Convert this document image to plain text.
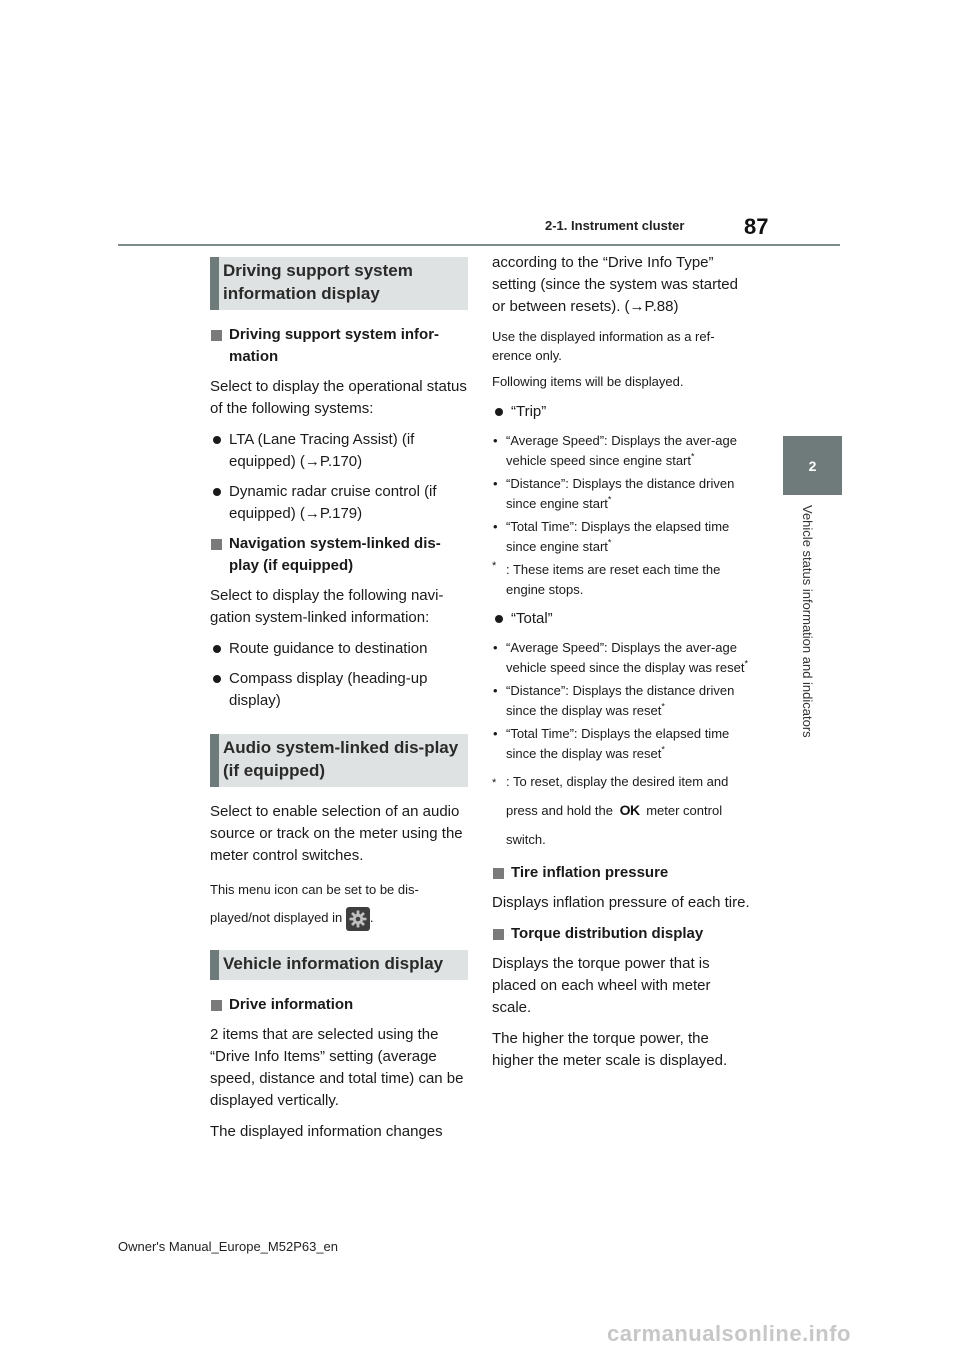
2-1. Instrument cluster	87
2
Vehicle status information and indicators
Driving support system information display
Driving support system infor-mation
Select to display the operational status of the following systems:
LTA (Lane Tracing Assist) (if equipped) (→P.170)
Dynamic radar cruise control (if equipped) (→P.179)
Navigation system-linked dis-play (if equipped)
Select to display the following navi-gation system-linked information:
Route guidance to destination
Compass display (heading-up display)
Audio system-linked dis-play (if equipped)
Select to enable selection of an audio source or track on the meter using the meter control switches.
This menu icon can be set to be dis-played/not displayed in .
Vehicle information display
Drive information
2 items that are selected using the “Drive Info Items” setting (average speed, distance and total time) can be displayed vertically.
The displayed information changes
according to the “Drive Info Type” setting (since the system was started or between resets). (→P.88)
Use the displayed information as a ref-erence only.
Following items will be displayed.
“Trip”
• “Average Speed”: Displays the aver-age vehicle speed since engine start*
• “Distance”: Displays the distance driven since engine start*
• “Total Time”: Displays the elapsed time since engine start*
* : These items are reset each time the engine stops.
“Total”
• “Average Speed”: Displays the aver-age vehicle speed since the display was reset*
• “Distance”: Displays the distance driven since the display was reset*
• “Total Time”: Displays the elapsed time since the display was reset*
* : To reset, display the desired item and press and hold the OK meter control switch.
Tire inflation pressure
Displays inflation pressure of each tire.
Torque distribution display
Displays the torque power that is placed on each wheel with meter scale.
The higher the torque power, the higher the meter scale is displayed.
Owner's Manual_Europe_M52P63_en
carmanualsonline.info
